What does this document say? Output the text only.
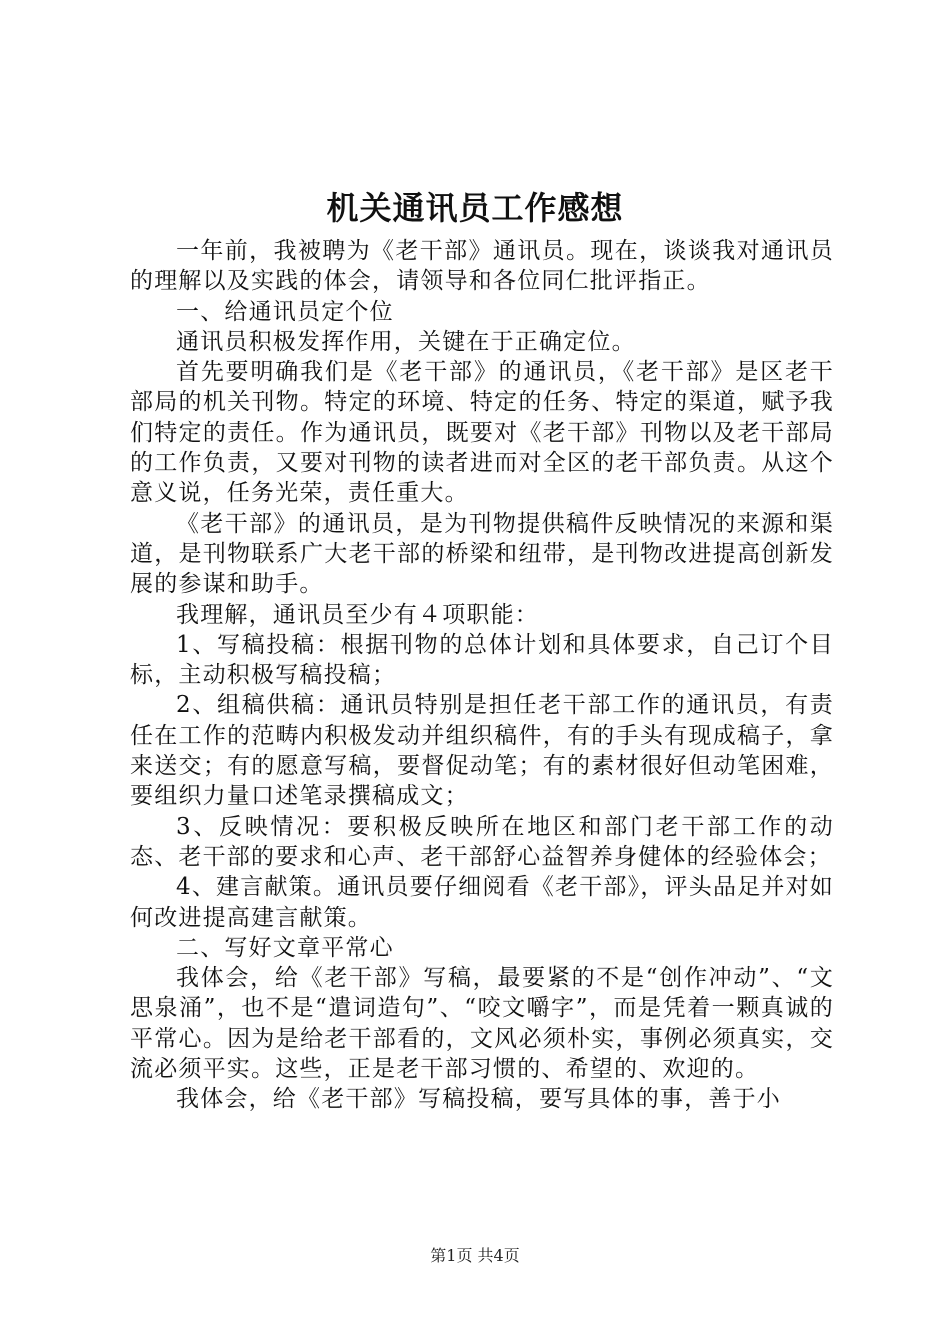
机关通讯员工作感想

一年前，我被聘为《老干部》通讯员。现在，谈谈我对通讯员的理解以及实践的体会，请领导和各位同仁批评指正。

一、给通讯员定个位

通讯员积极发挥作用，关键在于正确定位。

首先要明确我们是《老干部》的通讯员，《老干部》是区老干部局的机关刊物。特定的环境、特定的任务、特定的渠道，赋予我们特定的责任。作为通讯员，既要对《老干部》刊物以及老干部局的工作负责，又要对刊物的读者进而对全区的老干部负责。从这个意义说，任务光荣，责任重大。

《老干部》的通讯员，是为刊物提供稿件反映情况的来源和渠道，是刊物联系广大老干部的桥梁和纽带，是刊物改进提高创新发展的参谋和助手。

我理解，通讯员至少有４项职能：

1、写稿投稿：根据刊物的总体计划和具体要求，自己订个目标，主动积极写稿投稿；

2、组稿供稿：通讯员特别是担任老干部工作的通讯员，有责任在工作的范畴内积极发动并组织稿件，有的手头有现成稿子，拿来送交；有的愿意写稿，要督促动笔；有的素材很好但动笔困难，要组织力量口述笔录撰稿成文；

3、反映情况：要积极反映所在地区和部门老干部工作的动态、老干部的要求和心声、老干部舒心益智养身健体的经验体会；

4、建言献策。通讯员要仔细阅看《老干部》，评头品足并对如何改进提高建言献策。

二、写好文章平常心

我体会，给《老干部》写稿，最要紧的不是“创作冲动”、“文思泉涌”，也不是“遣词造句”、“咬文嚼字”，而是凭着一颗真诚的平常心。因为是给老干部看的，文风必须朴实，事例必须真实，交流必须平实。这些，正是老干部习惯的、希望的、欢迎的。

我体会，给《老干部》写稿投稿，要写具体的事，善于小

第1页 共4页
